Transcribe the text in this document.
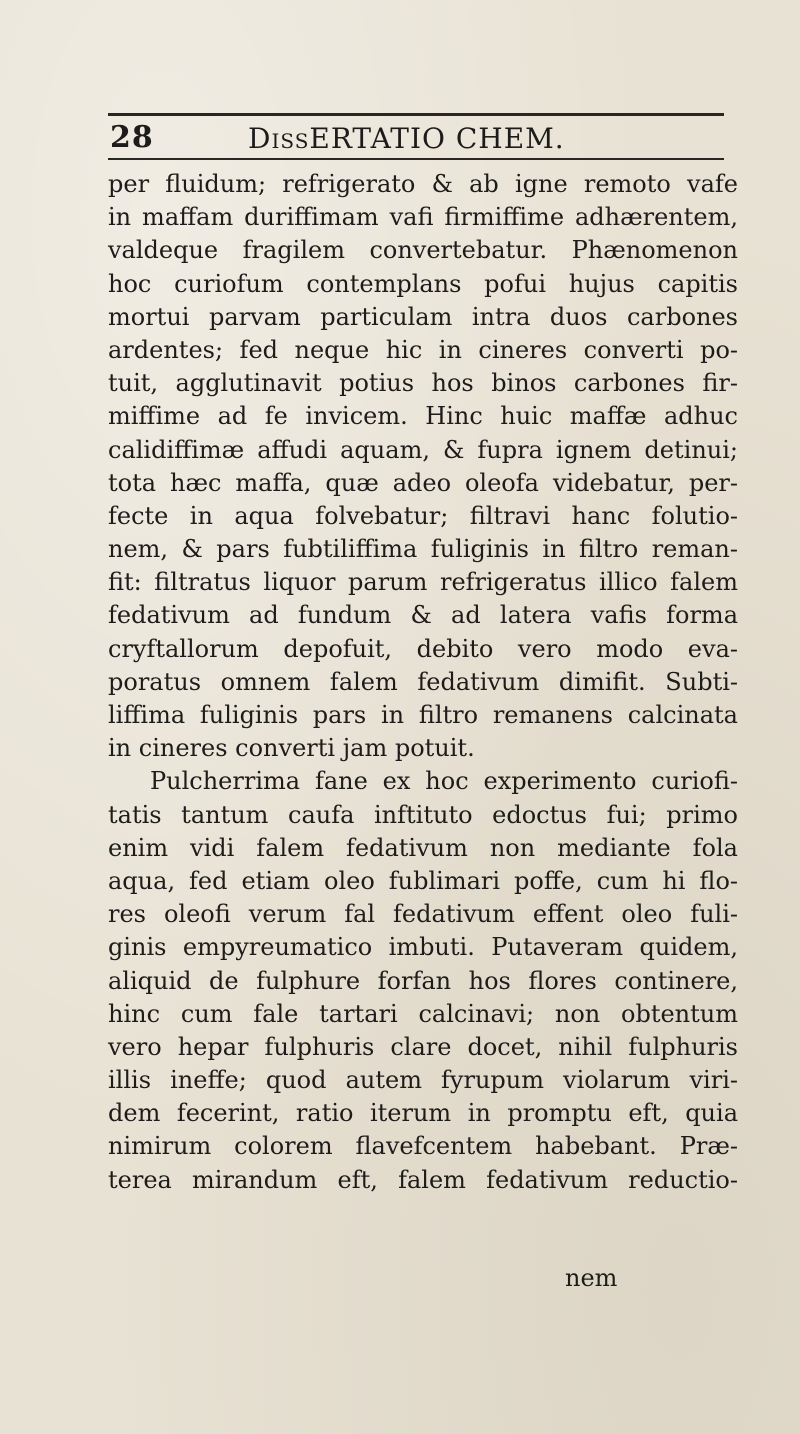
28	DissERTATIO CHEM.
per fluidum; refrigerato & ab igne remoto vafe
in maffam duriffimam vafi firmiffime adhærentem,
valdeque fragilem convertebatur. Phænomenon
hoc curiofum contemplans pofui hujus capitis
mortui parvam particulam intra duos carbones
ardentes; fed neque hic in cineres converti po-
tuit, agglutinavit potius hos binos carbones fir-
miffime ad fe invicem. Hinc huic maffæ adhuc
calidiffimæ affudi aquam, & fupra ignem detinui;
tota hæc maffa, quæ adeo oleofa videbatur, per-
fecte in aqua folvebatur; filtravi hanc folutio-
nem, & pars fubtiliffima fuliginis in filtro reman-
fit: filtratus liquor parum refrigeratus illico falem
fedativum ad fundum & ad latera vafis forma
cryftallorum depofuit, debito vero modo eva-
poratus omnem falem fedativum dimifit. Subti-
liffima fuliginis pars in filtro remanens calcinata
in cineres converti jam potuit.
Pulcherrima fane ex hoc experimento curiofi-
tatis tantum caufa inftituto edoctus fui; primo
enim vidi falem fedativum non mediante fola
aqua, fed etiam oleo fublimari poffe, cum hi flo-
res oleofi verum fal fedativum effent oleo fuli-
ginis empyreumatico imbuti. Putaveram quidem,
aliquid de fulphure forfan hos flores continere,
hinc cum fale tartari calcinavi; non obtentum
vero hepar fulphuris clare docet, nihil fulphuris
illis ineffe; quod autem fyrupum violarum viri-
dem fecerint, ratio iterum in promptu eft, quia
nimirum colorem flavefcentem habebant. Præ-
terea mirandum eft, falem fedativum reductio-
nem
